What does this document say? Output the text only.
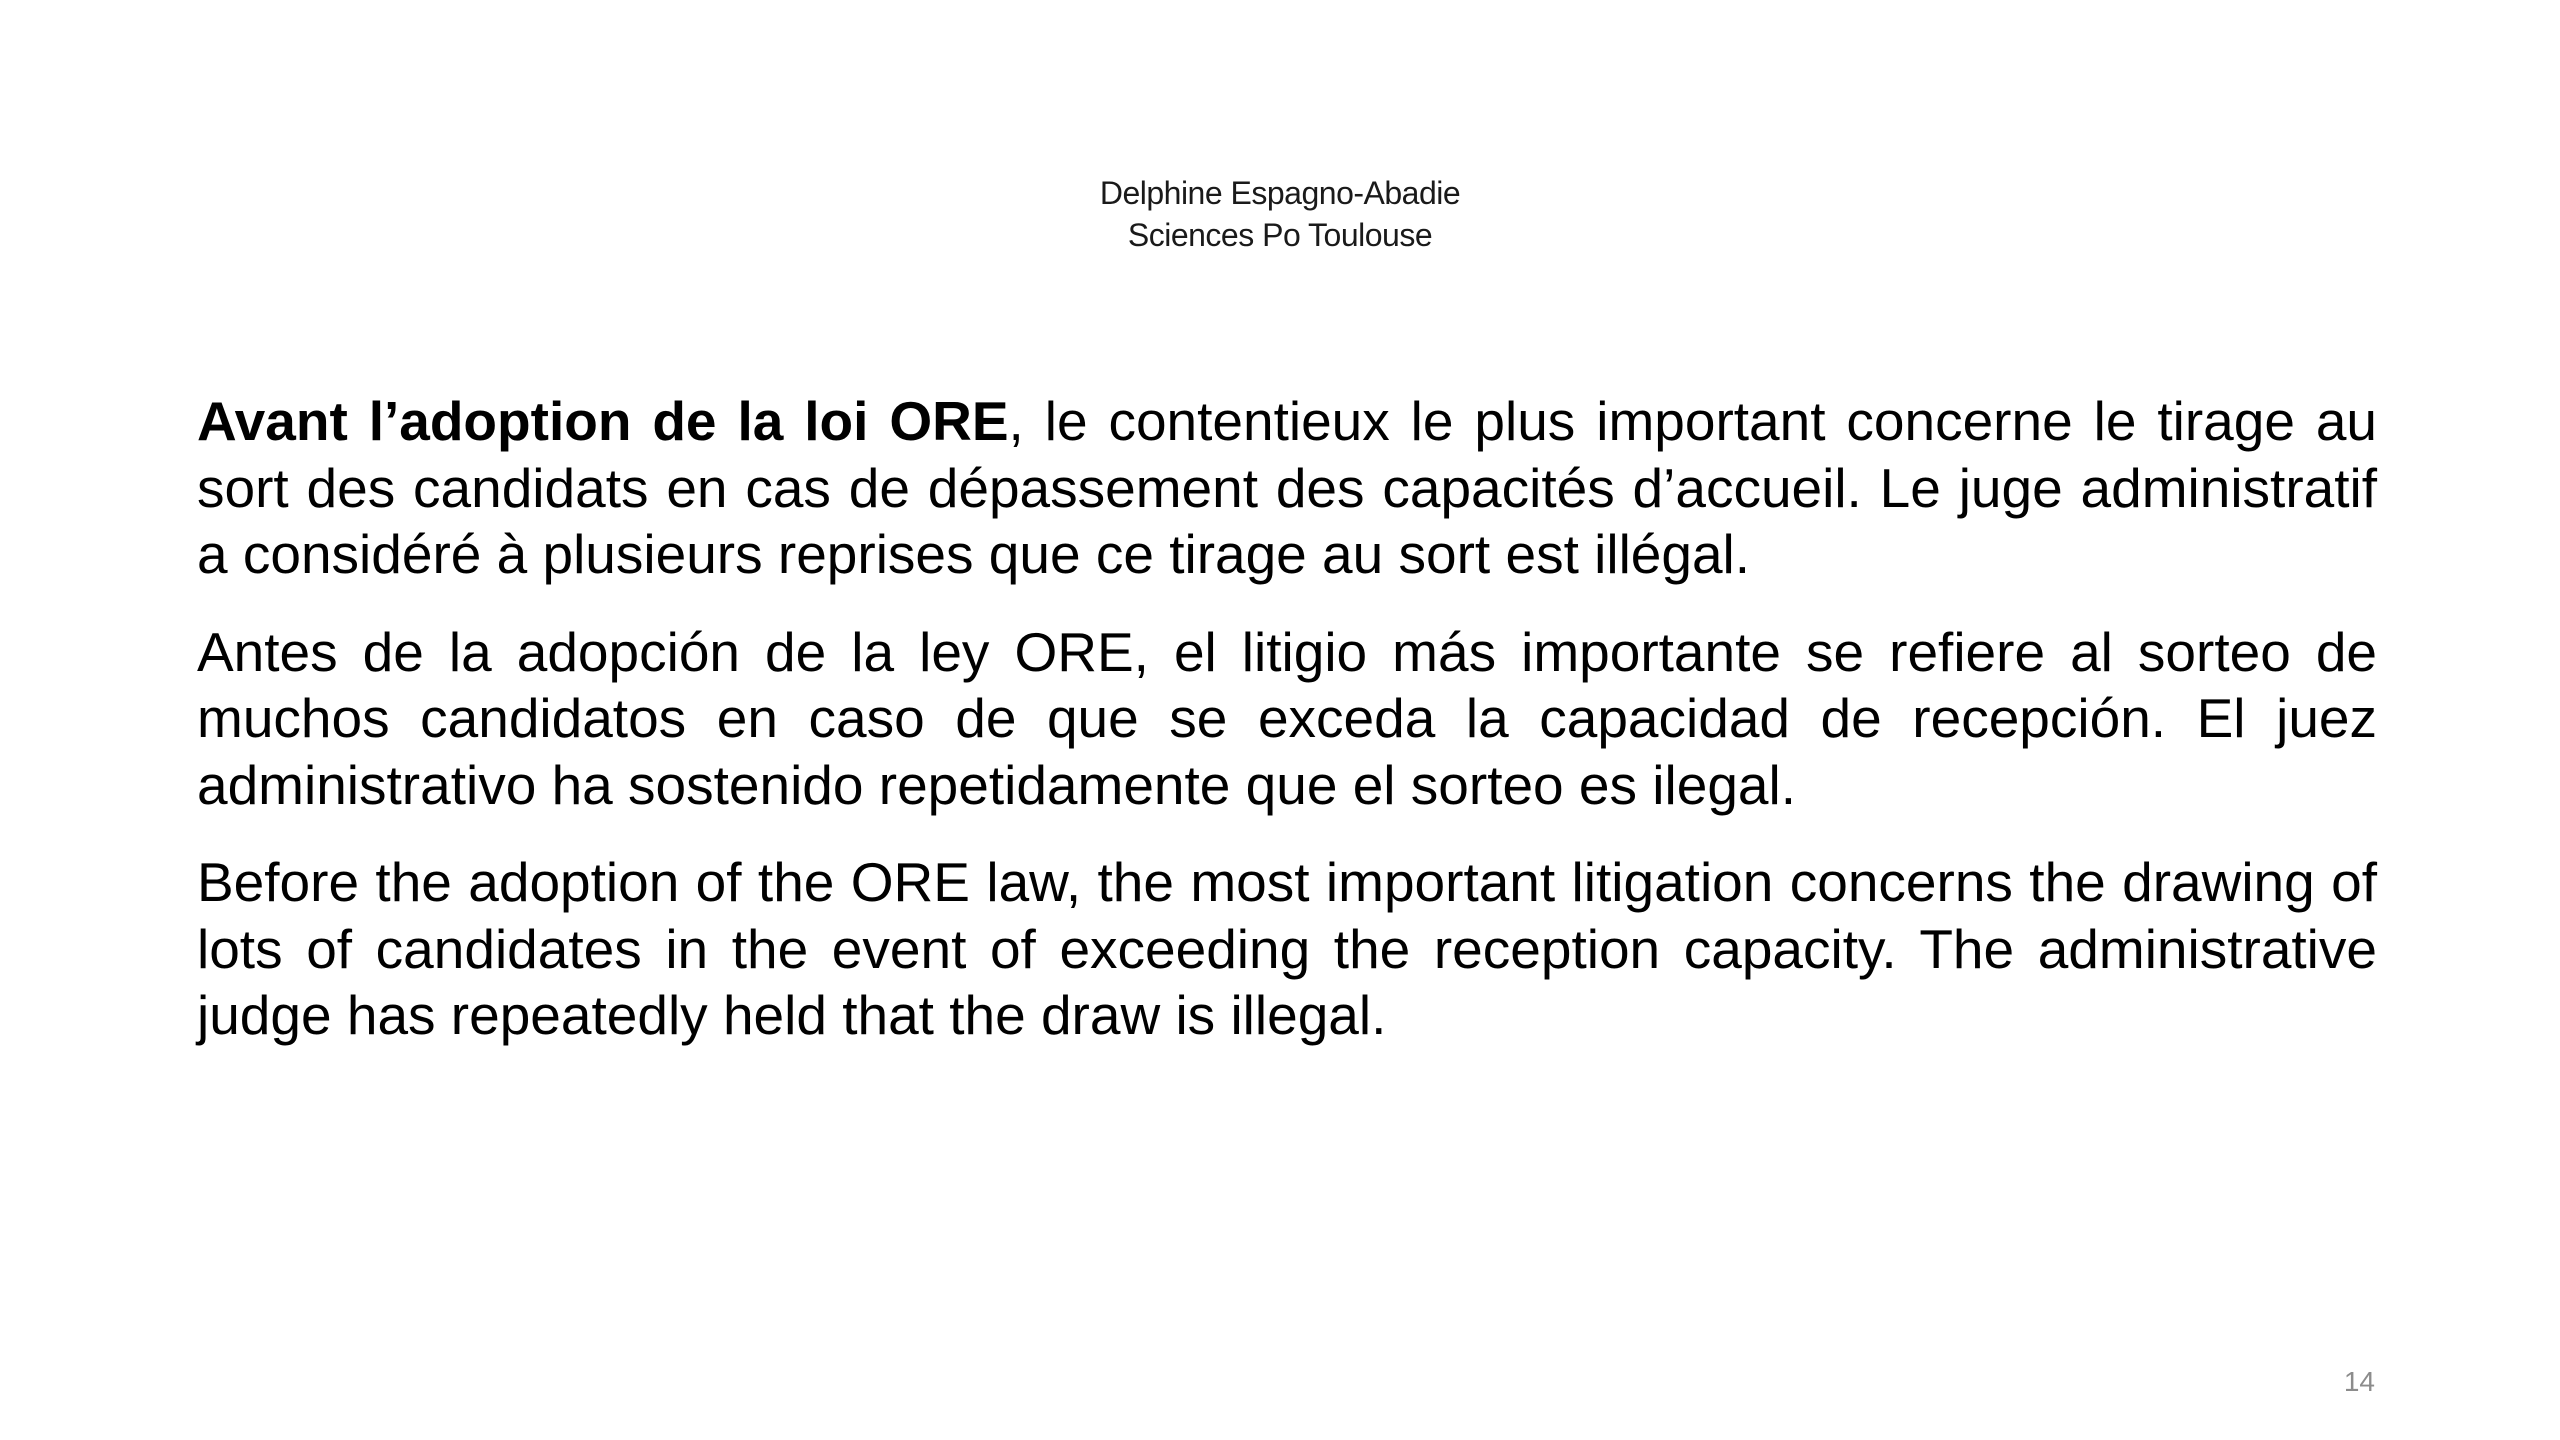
Delphine Espagno-Abadie
Sciences Po Toulouse

Avant l’adoption de la loi ORE, le contentieux le plus important concerne le tirage au sort des candidats en cas de dépassement des capacités d’accueil. Le juge administratif a considéré à plusieurs reprises que ce tirage au sort est illégal.

Antes de la adopción de la ley ORE, el litigio más importante se refiere al sorteo de muchos candidatos en caso de que se exceda la capacidad de recepción. El juez administrativo ha sostenido repetidamente que el sorteo es ilegal.

Before the adoption of the ORE law, the most important litigation concerns the drawing of lots of candidates in the event of exceeding the reception capacity. The administrative judge has repeatedly held that the draw is illegal.

14
